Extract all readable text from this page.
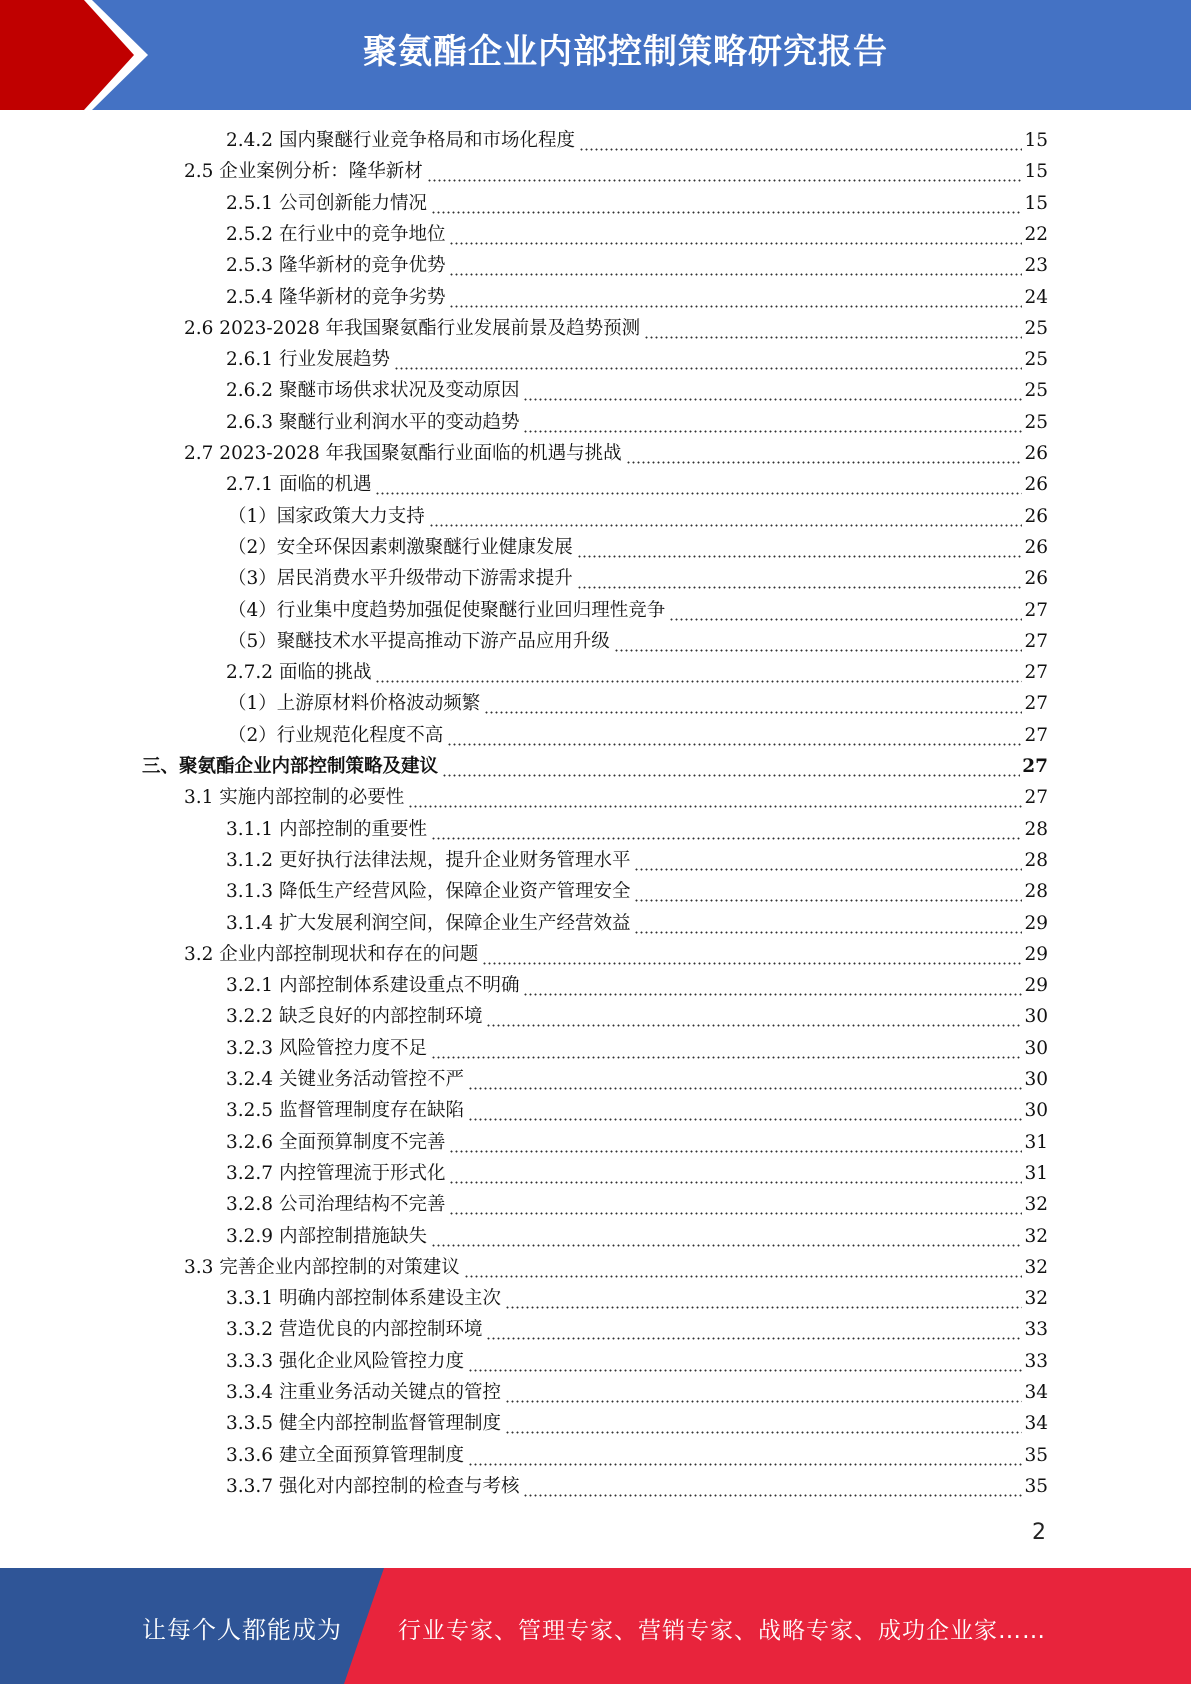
聚氨酯企业内部控制策略研究报告
2.4.2 国内聚醚行业竞争格局和市场化程度	15
2.5 企业案例分析：隆华新材	15
2.5.1 公司创新能力情况	15
2.5.2 在行业中的竞争地位	22
2.5.3 隆华新材的竞争优势	23
2.5.4 隆华新材的竞争劣势	24
2.6 2023-2028 年我国聚氨酯行业发展前景及趋势预测	25
2.6.1 行业发展趋势	25
2.6.2 聚醚市场供求状况及变动原因	25
2.6.3 聚醚行业利润水平的变动趋势	25
2.7 2023-2028 年我国聚氨酯行业面临的机遇与挑战	26
2.7.1 面临的机遇	26
（1）国家政策大力支持	26
（2）安全环保因素刺激聚醚行业健康发展	26
（3）居民消费水平升级带动下游需求提升	26
（4）行业集中度趋势加强促使聚醚行业回归理性竞争	27
（5）聚醚技术水平提高推动下游产品应用升级	27
2.7.2 面临的挑战	27
（1）上游原材料价格波动频繁	27
（2）行业规范化程度不高	27
三、聚氨酯企业内部控制策略及建议	27
3.1 实施内部控制的必要性	27
3.1.1 内部控制的重要性	28
3.1.2 更好执行法律法规，提升企业财务管理水平	28
3.1.3 降低生产经营风险，保障企业资产管理安全	28
3.1.4 扩大发展利润空间，保障企业生产经营效益	29
3.2 企业内部控制现状和存在的问题	29
3.2.1 内部控制体系建设重点不明确	29
3.2.2 缺乏良好的内部控制环境	30
3.2.3 风险管控力度不足	30
3.2.4 关键业务活动管控不严	30
3.2.5 监督管理制度存在缺陷	30
3.2.6 全面预算制度不完善	31
3.2.7 内控管理流于形式化	31
3.2.8 公司治理结构不完善	32
3.2.9 内部控制措施缺失	32
3.3 完善企业内部控制的对策建议	32
3.3.1 明确内部控制体系建设主次	32
3.3.2 营造优良的内部控制环境	33
3.3.3 强化企业风险管控力度	33
3.3.4 注重业务活动关键点的管控	34
3.3.5 健全内部控制监督管理制度	34
3.3.6 建立全面预算管理制度	35
3.3.7 强化对内部控制的检查与考核	35
2
让每个人都能成为 行业专家、管理专家、营销专家、战略专家、成功企业家……
